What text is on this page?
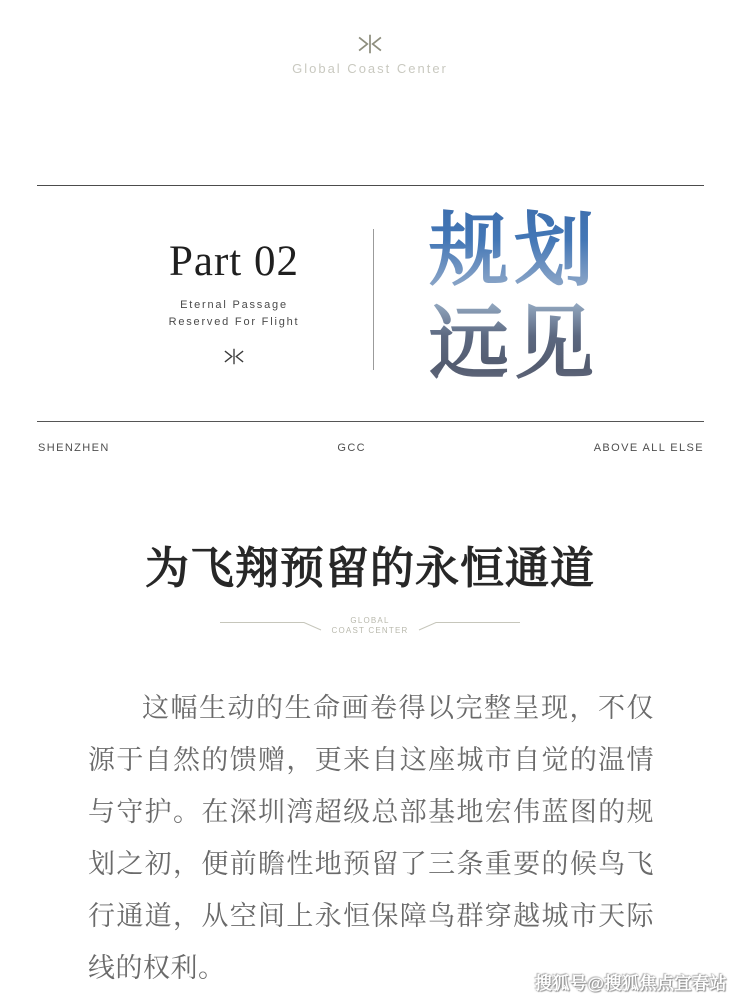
Global Coast Center
Part 02
Eternal Passage
Reserved For Flight
规划
远见
SHENZHEN	GCC	ABOVE ALL ELSE
为飞翔预留的永恒通道
GLOBAL
COAST CENTER

这幅生动的生命画卷得以完整呈现，不仅源于自然的馈赠，更来自这座城市自觉的温情与守护。在深圳湾超级总部基地宏伟蓝图的规划之初，便前瞻性地预留了三条重要的候鸟飞行通道，从空间上永恒保障鸟群穿越城市天际线的权利。

搜狐号@搜狐焦点宜春站
